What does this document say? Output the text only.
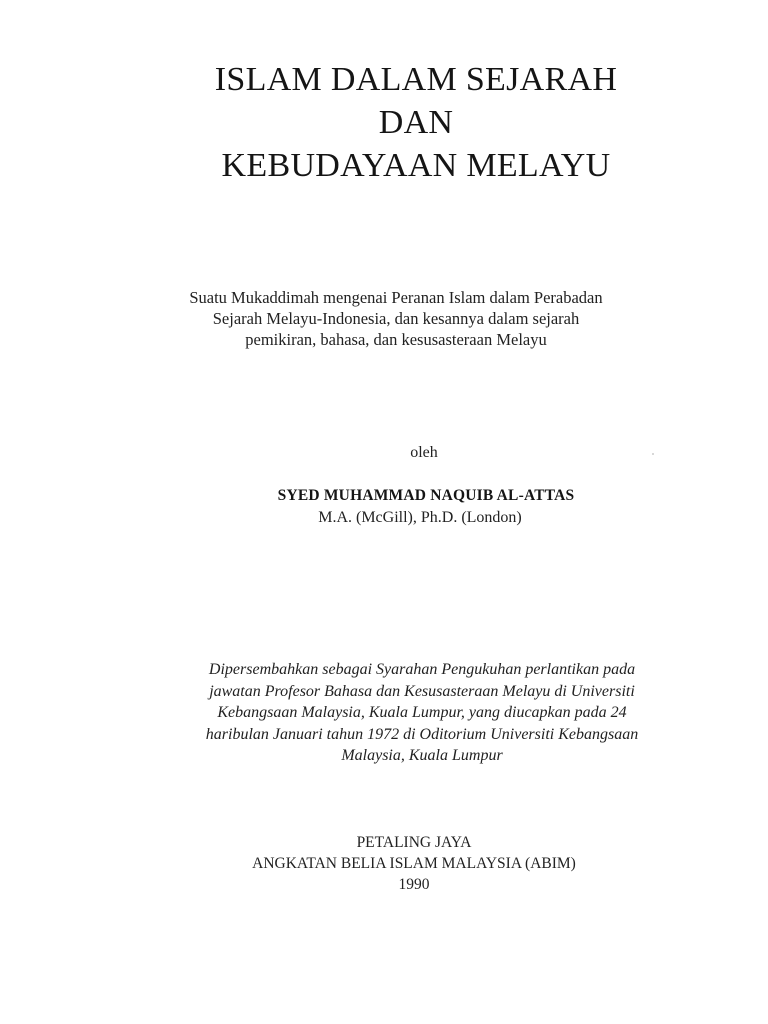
ISLAM DALAM SEJARAH
DAN
KEBUDAYAAN MELAYU
Suatu Mukaddimah mengenai Peranan Islam dalam Perabadan
Sejarah Melayu-Indonesia, dan kesannya dalam sejarah
pemikiran, bahasa, dan kesusasteraan Melayu
oleh
SYED MUHAMMAD NAQUIB AL-ATTAS
M.A. (McGill), Ph.D. (London)
Dipersembahkan sebagai Syarahan Pengukuhan perlantikan pada
jawatan Profesor Bahasa dan Kesusasteraan Melayu di Universiti
Kebangsaan Malaysia, Kuala Lumpur, yang diucapkan pada 24
haribulan Januari tahun 1972 di Oditorium Universiti Kebangsaan
Malaysia, Kuala Lumpur
PETALING JAYA
ANGKATAN BELIA ISLAM MALAYSIA (ABIM)
1990
